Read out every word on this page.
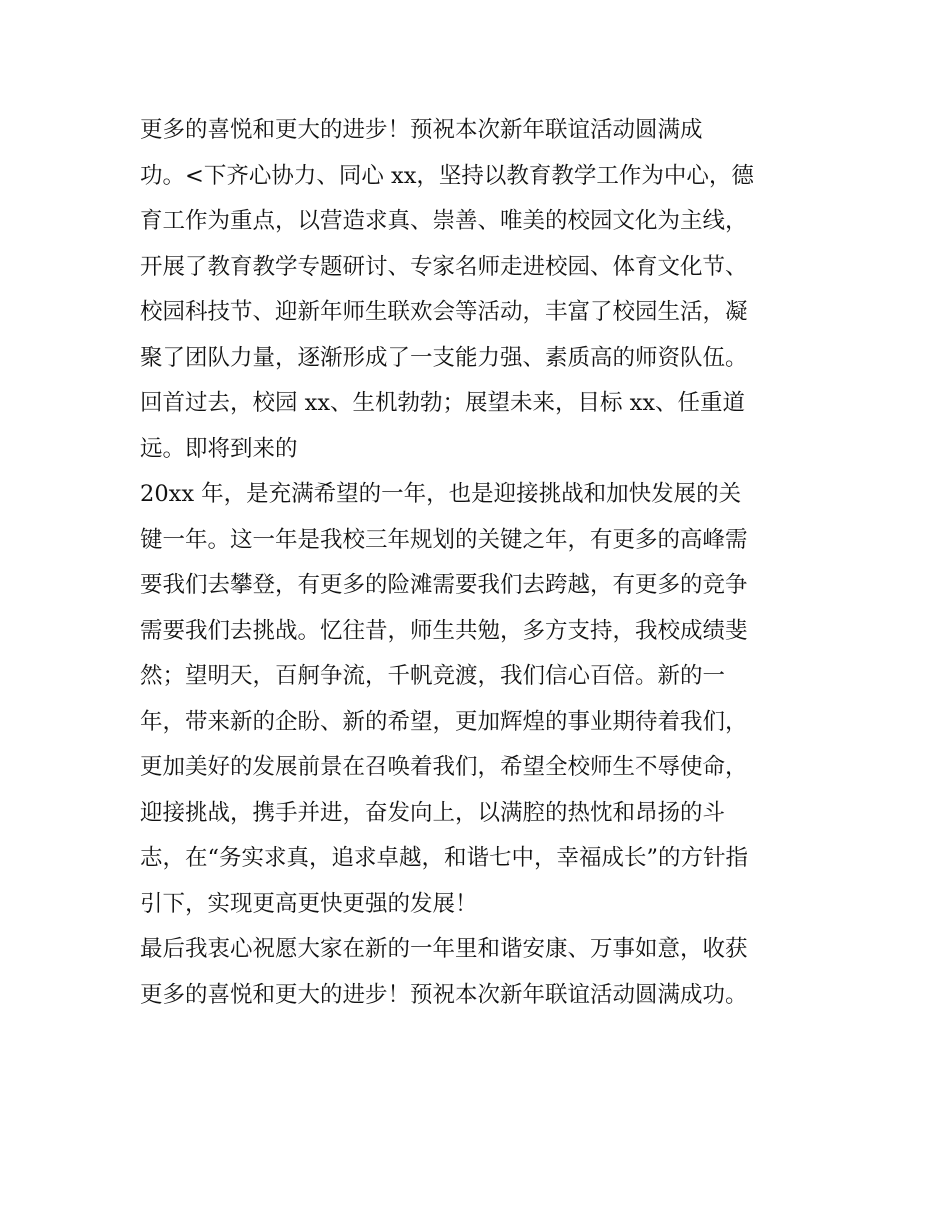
更多的喜悦和更大的进步！预祝本次新年联谊活动圆满成
功。<下齐心协力、同心 xx，坚持以教育教学工作为中心，德
育工作为重点，以营造求真、崇善、唯美的校园文化为主线，
开展了教育教学专题研讨、专家名师走进校园、体育文化节、
校园科技节、迎新年师生联欢会等活动，丰富了校园生活，凝
聚了团队力量，逐渐形成了一支能力强、素质高的师资队伍。
回首过去，校园 xx、生机勃勃；展望未来，目标 xx、任重道
远。即将到来的
20xx 年，是充满希望的一年，也是迎接挑战和加快发展的关
键一年。这一年是我校三年规划的关键之年，有更多的高峰需
要我们去攀登，有更多的险滩需要我们去跨越，有更多的竞争
需要我们去挑战。忆往昔，师生共勉，多方支持，我校成绩斐
然；望明天，百舸争流，千帆竞渡，我们信心百倍。新的一
年，带来新的企盼、新的希望，更加辉煌的事业期待着我们，
更加美好的发展前景在召唤着我们，希望全校师生不辱使命，
迎接挑战，携手并进，奋发向上，以满腔的热忱和昂扬的斗
志，在“务实求真，追求卓越，和谐七中，幸福成长”的方针指
引下，实现更高更快更强的发展！
最后我衷心祝愿大家在新的一年里和谐安康、万事如意，收获
更多的喜悦和更大的进步！预祝本次新年联谊活动圆满成功。
